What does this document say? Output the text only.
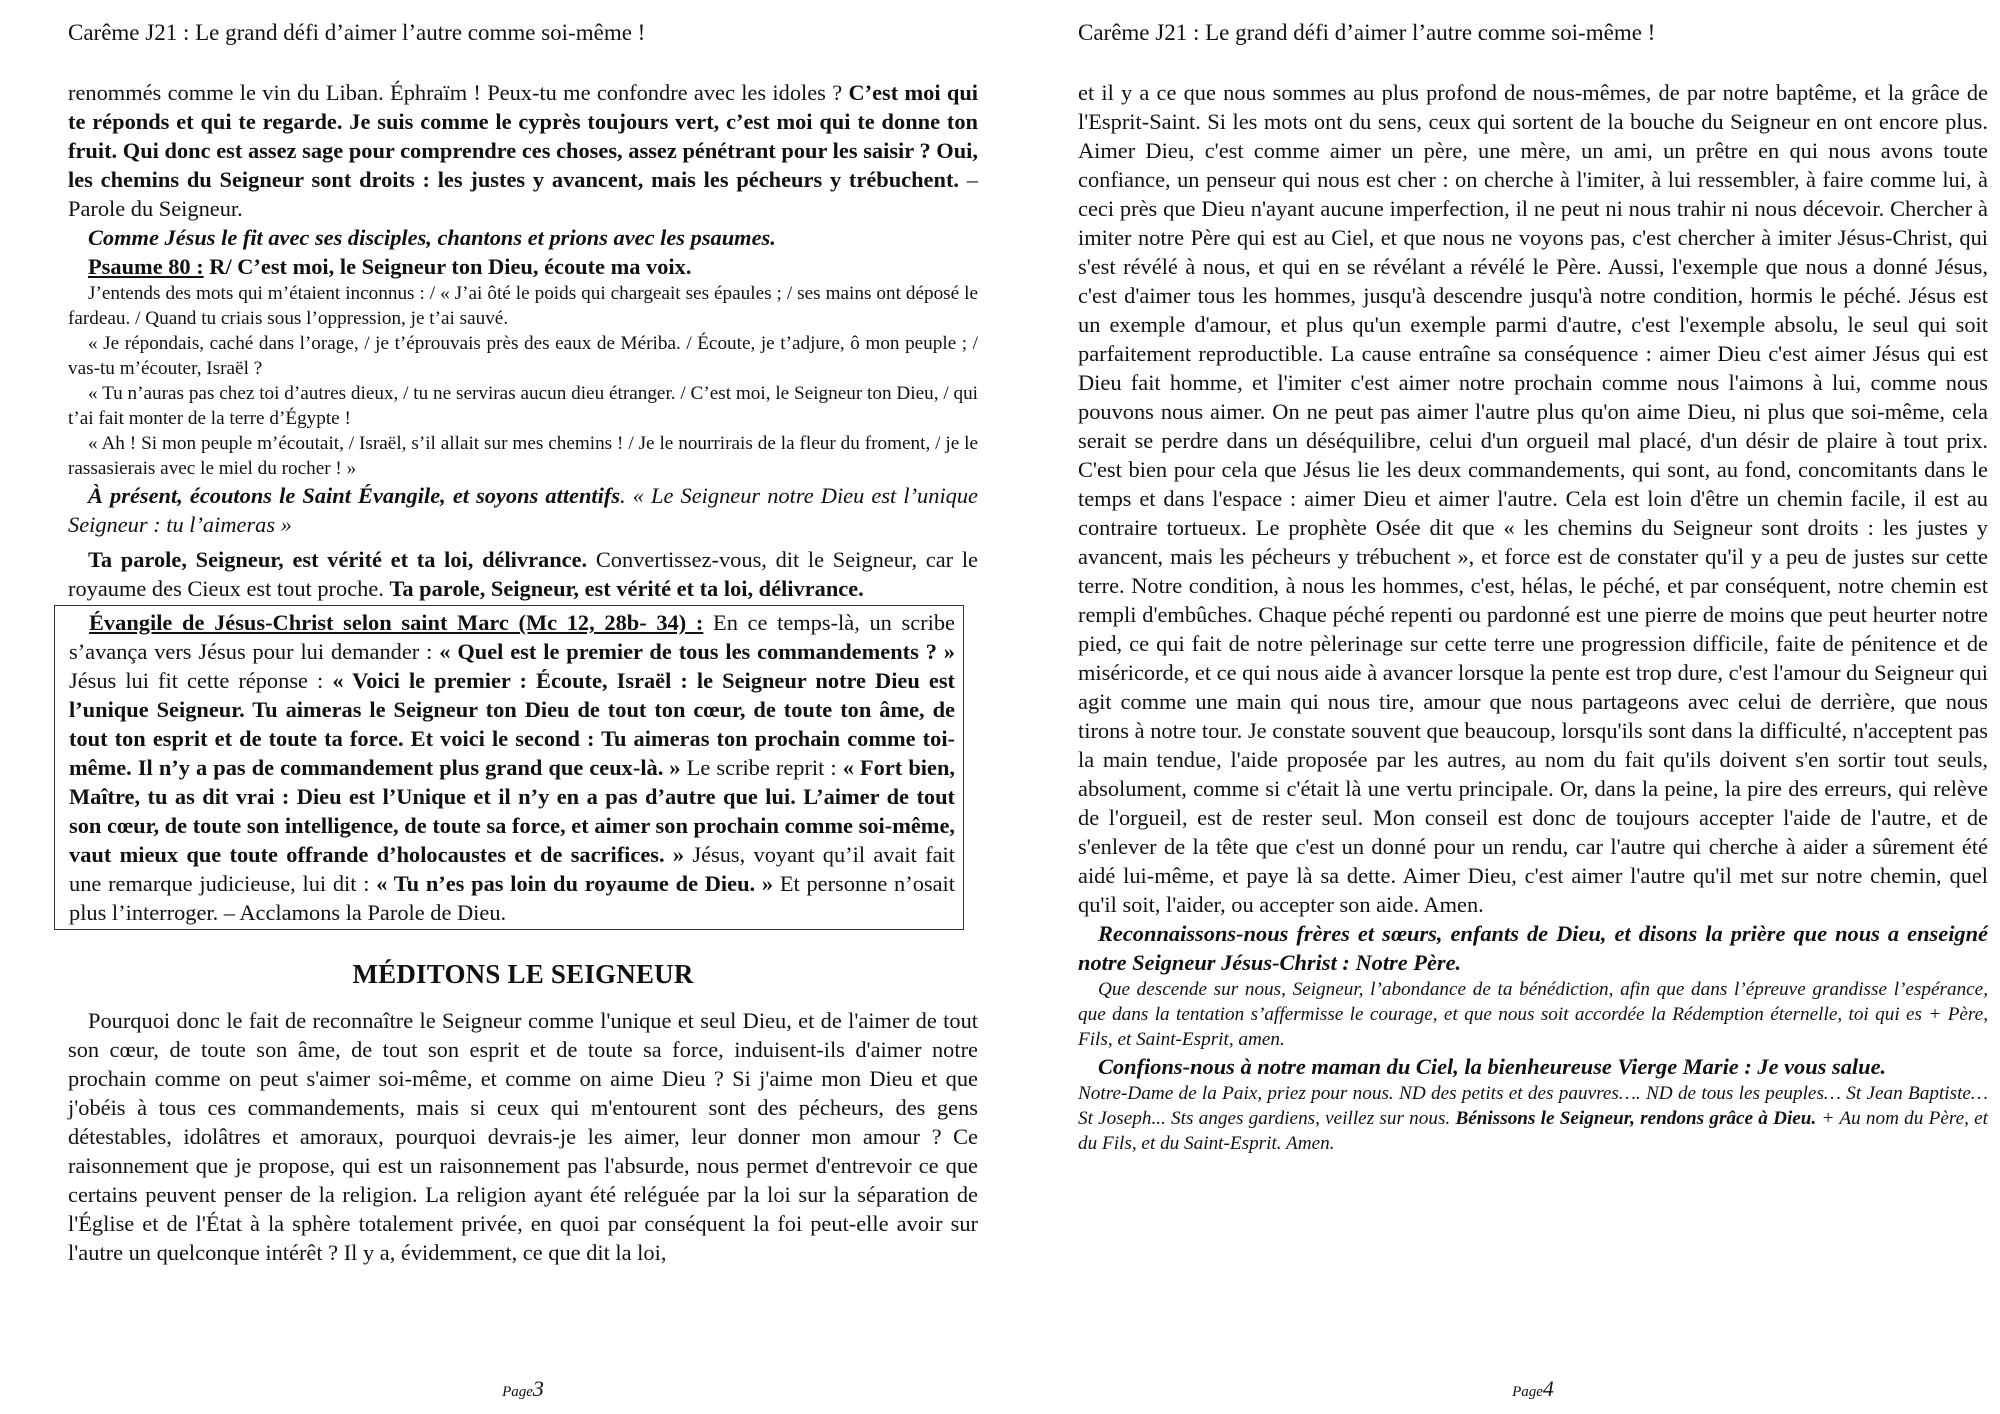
Carême J21 : Le grand défi d’aimer l’autre comme soi-même !

renommés comme le vin du Liban. Éphraïm ! Peux-tu me confondre avec les idoles ? C’est moi qui te réponds et qui te regarde. Je suis comme le cyprès toujours vert, c’est moi qui te donne ton fruit. Qui donc est assez sage pour comprendre ces choses, assez pénétrant pour les saisir ? Oui, les chemins du Seigneur sont droits : les justes y avancent, mais les pécheurs y trébuchent. – Parole du Seigneur.

Comme Jésus le fit avec ses disciples, chantons et prions avec les psaumes.

Psaume 80 : R/ C’est moi, le Seigneur ton Dieu, écoute ma voix.

J’entends des mots qui m’étaient inconnus : / « J’ai ôté le poids qui chargeait ses épaules ; / ses mains ont déposé le fardeau. / Quand tu criais sous l’oppression, je t’ai sauvé.

« Je répondais, caché dans l’orage, / je t’éprouvais près des eaux de Mériba. / Écoute, je t’adjure, ô mon peuple ; / vas-tu m’écouter, Israël ?

« Tu n’auras pas chez toi d’autres dieux, / tu ne serviras aucun dieu étranger. / C’est moi, le Seigneur ton Dieu, / qui t’ai fait monter de la terre d’Égypte !

« Ah ! Si mon peuple m’écoutait, / Israël, s’il allait sur mes chemins ! / Je le nourrirais de la fleur du froment, / je le rassasierais avec le miel du rocher ! »

À présent, écoutons le Saint Évangile, et soyons attentifs. « Le Seigneur notre Dieu est l’unique Seigneur : tu l’aimeras »

Ta parole, Seigneur, est vérité et ta loi, délivrance. Convertissez-vous, dit le Seigneur, car le royaume des Cieux est tout proche. Ta parole, Seigneur, est vérité et ta loi, délivrance.

Évangile de Jésus-Christ selon saint Marc (Mc 12, 28b- 34) : En ce temps-là, un scribe s’avança vers Jésus pour lui demander : « Quel est le premier de tous les commandements ? » Jésus lui fit cette réponse : « Voici le premier : Écoute, Israël : le Seigneur notre Dieu est l’unique Seigneur. Tu aimeras le Seigneur ton Dieu de tout ton cœur, de toute ton âme, de tout ton esprit et de toute ta force. Et voici le second : Tu aimeras ton prochain comme toi-même. Il n’y a pas de commandement plus grand que ceux-là. » Le scribe reprit : « Fort bien, Maître, tu as dit vrai : Dieu est l’Unique et il n’y en a pas d’autre que lui. L’aimer de tout son cœur, de toute son intelligence, de toute sa force, et aimer son prochain comme soi-même, vaut mieux que toute offrande d’holocaustes et de sacrifices. » Jésus, voyant qu’il avait fait une remarque judicieuse, lui dit : « Tu n’es pas loin du royaume de Dieu. » Et personne n’osait plus l’interroger. – Acclamons la Parole de Dieu.
MÉDITONS LE SEIGNEUR

Pourquoi donc le fait de reconnaître le Seigneur comme l'unique et seul Dieu, et de l'aimer de tout son cœur, de toute son âme, de tout son esprit et de toute sa force, induisent-ils d'aimer notre prochain comme on peut s'aimer soi-même, et comme on aime Dieu ? Si j'aime mon Dieu et que j'obéis à tous ces commandements, mais si ceux qui m'entourent sont des pécheurs, des gens détestables, idolâtres et amoraux, pourquoi devrais-je les aimer, leur donner mon amour ? Ce raisonnement que je propose, qui est un raisonnement pas l'absurde, nous permet d'entrevoir ce que certains peuvent penser de la religion. La religion ayant été reléguée par la loi sur la séparation de l'Église et de l'État à la sphère totalement privée, en quoi par conséquent la foi peut-elle avoir sur l'autre un quelconque intérêt ? Il y a, évidemment, ce que dit la loi,

Page3
Carême J21 : Le grand défi d’aimer l’autre comme soi-même !

et il y a ce que nous sommes au plus profond de nous-mêmes, de par notre baptême, et la grâce de l'Esprit-Saint. Si les mots ont du sens, ceux qui sortent de la bouche du Seigneur en ont encore plus. Aimer Dieu, c'est comme aimer un père, une mère, un ami, un prêtre en qui nous avons toute confiance, un penseur qui nous est cher : on cherche à l'imiter, à lui ressembler, à faire comme lui, à ceci près que Dieu n'ayant aucune imperfection, il ne peut ni nous trahir ni nous décevoir. Chercher à imiter notre Père qui est au Ciel, et que nous ne voyons pas, c'est chercher à imiter Jésus-Christ, qui s'est révélé à nous, et qui en se révélant a révélé le Père. Aussi, l'exemple que nous a donné Jésus, c'est d'aimer tous les hommes, jusqu'à descendre jusqu'à notre condition, hormis le péché. Jésus est un exemple d'amour, et plus qu'un exemple parmi d'autre, c'est l'exemple absolu, le seul qui soit parfaitement reproductible. La cause entraîne sa conséquence : aimer Dieu c'est aimer Jésus qui est Dieu fait homme, et l'imiter c'est aimer notre prochain comme nous l'aimons à lui, comme nous pouvons nous aimer. On ne peut pas aimer l'autre plus qu'on aime Dieu, ni plus que soi-même, cela serait se perdre dans un déséquilibre, celui d'un orgueil mal placé, d'un désir de plaire à tout prix. C'est bien pour cela que Jésus lie les deux commandements, qui sont, au fond, concomitants dans le temps et dans l'espace : aimer Dieu et aimer l'autre. Cela est loin d'être un chemin facile, il est au contraire tortueux. Le prophète Osée dit que « les chemins du Seigneur sont droits : les justes y avancent, mais les pécheurs y trébuchent », et force est de constater qu'il y a peu de justes sur cette terre. Notre condition, à nous les hommes, c'est, hélas, le péché, et par conséquent, notre chemin est rempli d'embûches. Chaque péché repenti ou pardonné est une pierre de moins que peut heurter notre pied, ce qui fait de notre pèlerinage sur cette terre une progression difficile, faite de pénitence et de miséricorde, et ce qui nous aide à avancer lorsque la pente est trop dure, c'est l'amour du Seigneur qui agit comme une main qui nous tire, amour que nous partageons avec celui de derrière, que nous tirons à notre tour. Je constate souvent que beaucoup, lorsqu'ils sont dans la difficulté, n'acceptent pas la main tendue, l'aide proposée par les autres, au nom du fait qu'ils doivent s'en sortir tout seuls, absolument, comme si c'était là une vertu principale. Or, dans la peine, la pire des erreurs, qui relève de l'orgueil, est de rester seul. Mon conseil est donc de toujours accepter l'aide de l'autre, et de s'enlever de la tête que c'est un donné pour un rendu, car l'autre qui cherche à aider a sûrement été aidé lui-même, et paye là sa dette. Aimer Dieu, c'est aimer l'autre qu'il met sur notre chemin, quel qu'il soit, l'aider, ou accepter son aide. Amen.

Reconnaissons-nous frères et sœurs, enfants de Dieu, et disons la prière que nous a enseigné notre Seigneur Jésus-Christ : Notre Père.

Que descende sur nous, Seigneur, l’abondance de ta bénédiction, afin que dans l’épreuve grandisse l’espérance, que dans la tentation s’affermisse le courage, et que nous soit accordée la Rédemption éternelle, toi qui es + Père, Fils, et Saint-Esprit, amen.

Confions-nous à notre maman du Ciel, la bienheureuse Vierge Marie : Je vous salue.

Notre-Dame de la Paix, priez pour nous. ND des petits et des pauvres…. ND de tous les peuples… St Jean Baptiste… St Joseph... Sts anges gardiens, veillez sur nous. Bénissons le Seigneur, rendons grâce à Dieu. + Au nom du Père, et du Fils, et du Saint-Esprit. Amen.

Page4
